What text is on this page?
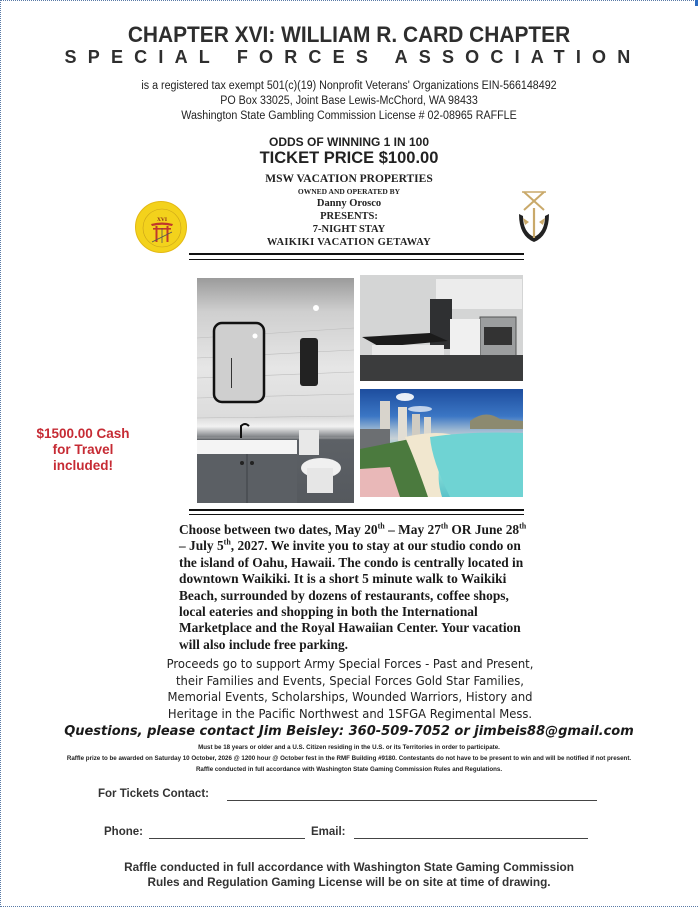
CHAPTER XVI: WILLIAM R. CARD CHAPTER
SPECIAL FORCES ASSOCIATION
is a registered tax exempt 501(c)(19) Nonprofit Veterans' Organizations EIN-566148492
PO Box 33025, Joint Base Lewis-McChord, WA 98433
Washington State Gambling Commission License # 02-08965 RAFFLE
ODDS OF WINNING 1 IN 100
TICKET PRICE $100.00
MSW VACATION PROPERTIES
OWNED AND OPERATED BY
Danny Orosco
PRESENTS:
7-NIGHT STAY
WAIKIKI VACATION GETAWAY
XVI
$1500.00 Cash
for Travel
included!
Choose between two dates, May 20th – May 27th OR June 28th – July 5th, 2027. We invite you to stay at our studio condo on the island of Oahu, Hawaii. The condo is centrally located in downtown Waikiki. It is a short 5 minute walk to Waikiki Beach, surrounded by dozens of restaurants, coffee shops, local eateries and shopping in both the International Marketplace and the Royal Hawaiian Center. Your vacation will also include free parking.
Proceeds go to support Army Special Forces - Past and Present, their Families and Events, Special Forces Gold Star Families, Memorial Events, Scholarships, Wounded Warriors, History and Heritage in the Pacific Northwest and 1SFGA Regimental Mess.
Questions, please contact Jim Beisley: 360-509-7052 or jimbeis88@gmail.com
Must be 18 years or older and a U.S. Citizen residing in the U.S. or its Territories in order to participate.
Raffle prize to be awarded on Saturday 10 October, 2026 @ 1200 hour @ October fest in the RMF Building #9180. Contestants do not have to be present to win and will be notified if not present.
Raffle conducted in full accordance with Washington State Gaming Commission Rules and Regulations.
For Tickets Contact:
Phone:	Email:
Raffle conducted in full accordance with Washington State Gaming Commission
Rules and Regulation Gaming License will be on site at time of drawing.
